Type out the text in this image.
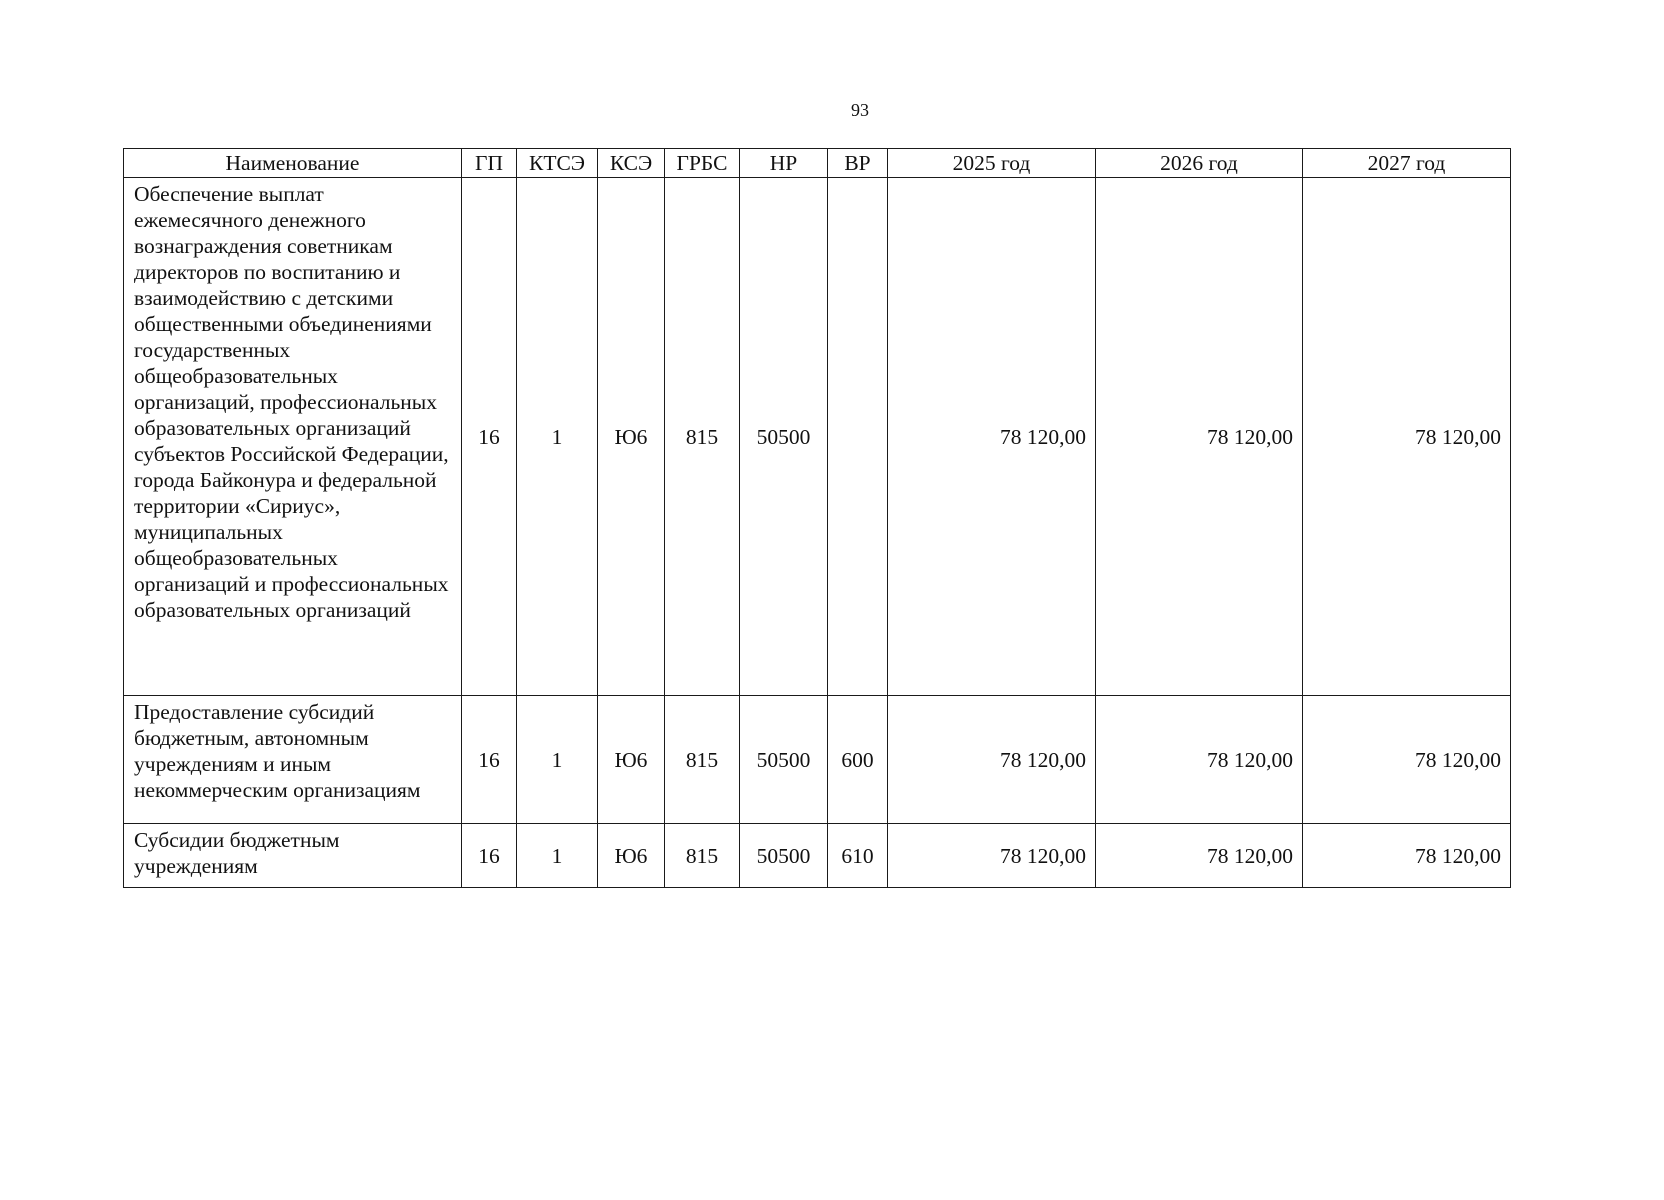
93
Наименование	ГП	КТСЭ	КСЭ	ГРБС	НР	ВР	2025 год	2026 год	2027 год
Обеспечение выплат ежемесячного денежного вознаграждения советникам директоров по воспитанию и взаимодействию с детскими общественными объединениями государственных общеобразовательных организаций, профессиональных образовательных организаций субъектов Российской Федерации, города Байконура и федеральной территории «Сириус», муниципальных общеобразовательных организаций и профессиональных образовательных организаций	16	1	Ю6	815	50500		78 120,00	78 120,00	78 120,00
Предоставление субсидий бюджетным, автономным учреждениям и иным некоммерческим организациям	16	1	Ю6	815	50500	600	78 120,00	78 120,00	78 120,00
Субсидии бюджетным учреждениям	16	1	Ю6	815	50500	610	78 120,00	78 120,00	78 120,00
